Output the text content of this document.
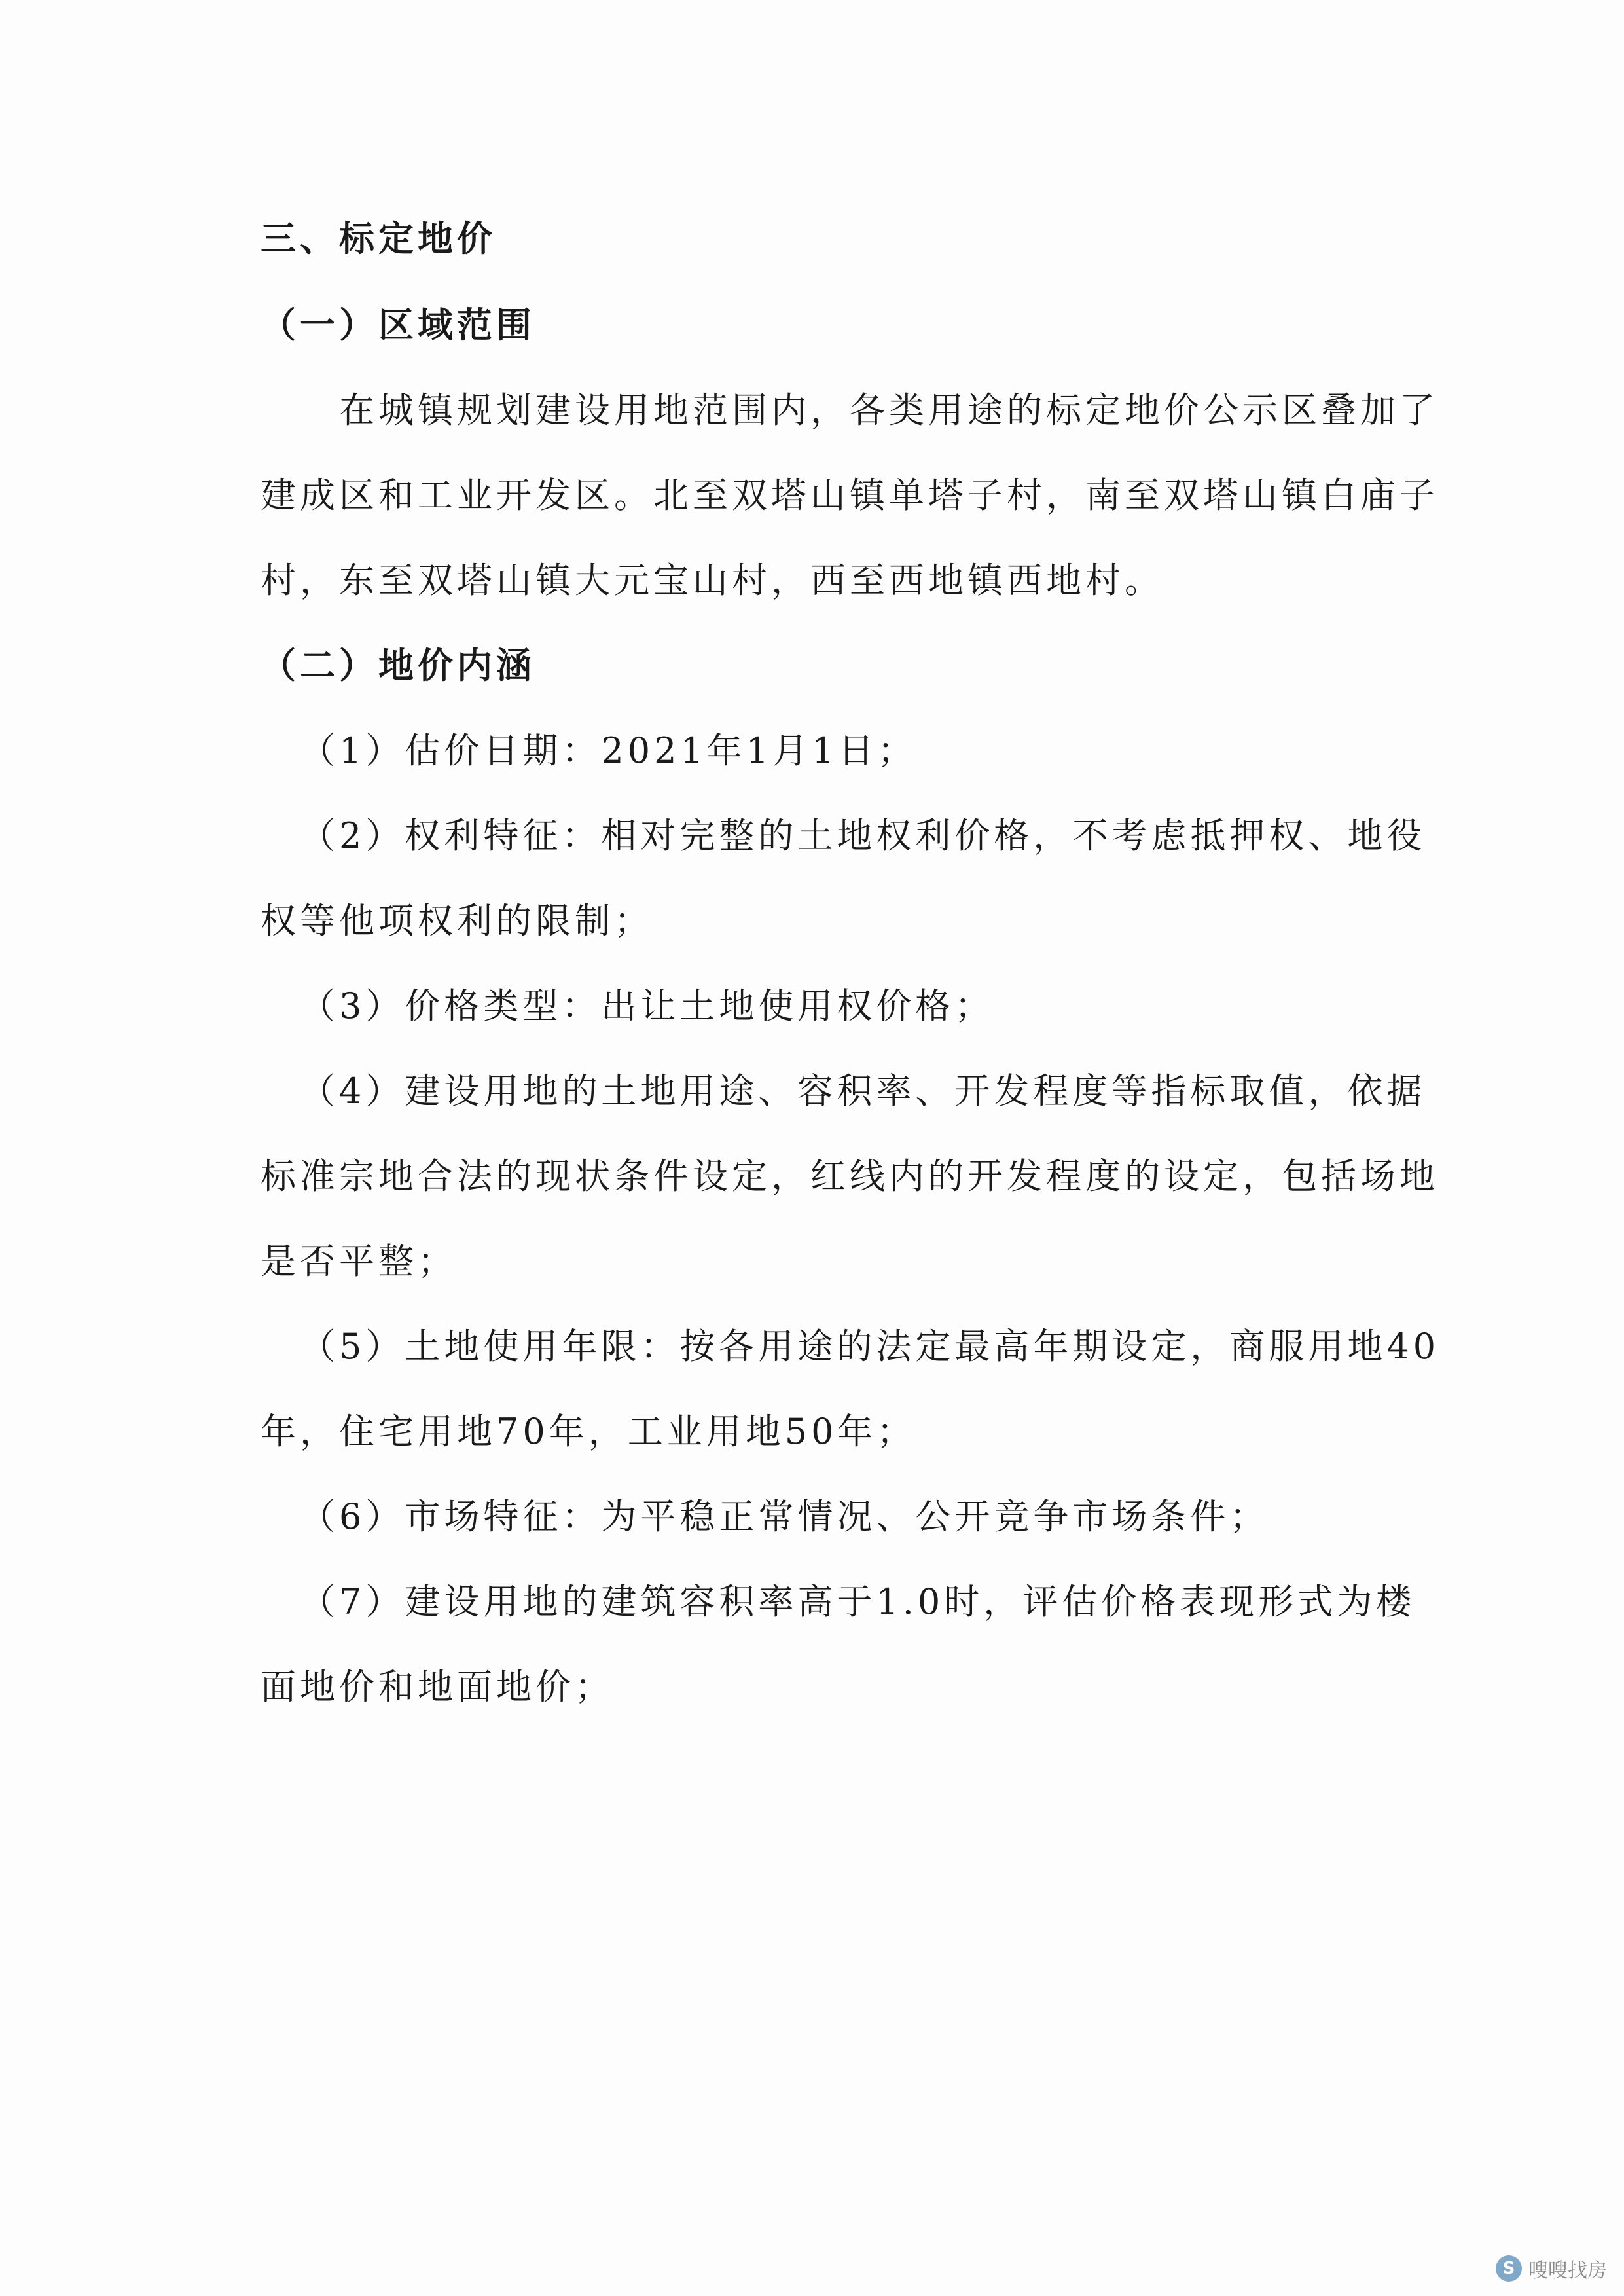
三、标定地价

（一）区域范围

在城镇规划建设用地范围内，各类用途的标定地价公示区叠加了

建成区和工业开发区。北至双塔山镇单塔子村，南至双塔山镇白庙子

村，东至双塔山镇大元宝山村，西至西地镇西地村。

（二）地价内涵

（1）估价日期：2021年1月1日；

（2）权利特征：相对完整的土地权利价格，不考虑抵押权、地役

权等他项权利的限制；

（3）价格类型：出让土地使用权价格；

（4）建设用地的土地用途、容积率、开发程度等指标取值，依据

标准宗地合法的现状条件设定，红线内的开发程度的设定，包括场地

是否平整；

（5）土地使用年限：按各用途的法定最高年期设定，商服用地40

年，住宅用地70年，工业用地50年；

（6）市场特征：为平稳正常情况、公开竞争市场条件；

（7）建设用地的建筑容积率高于1.0时，评估价格表现形式为楼

面地价和地面地价；

S 嗖嗖找房
